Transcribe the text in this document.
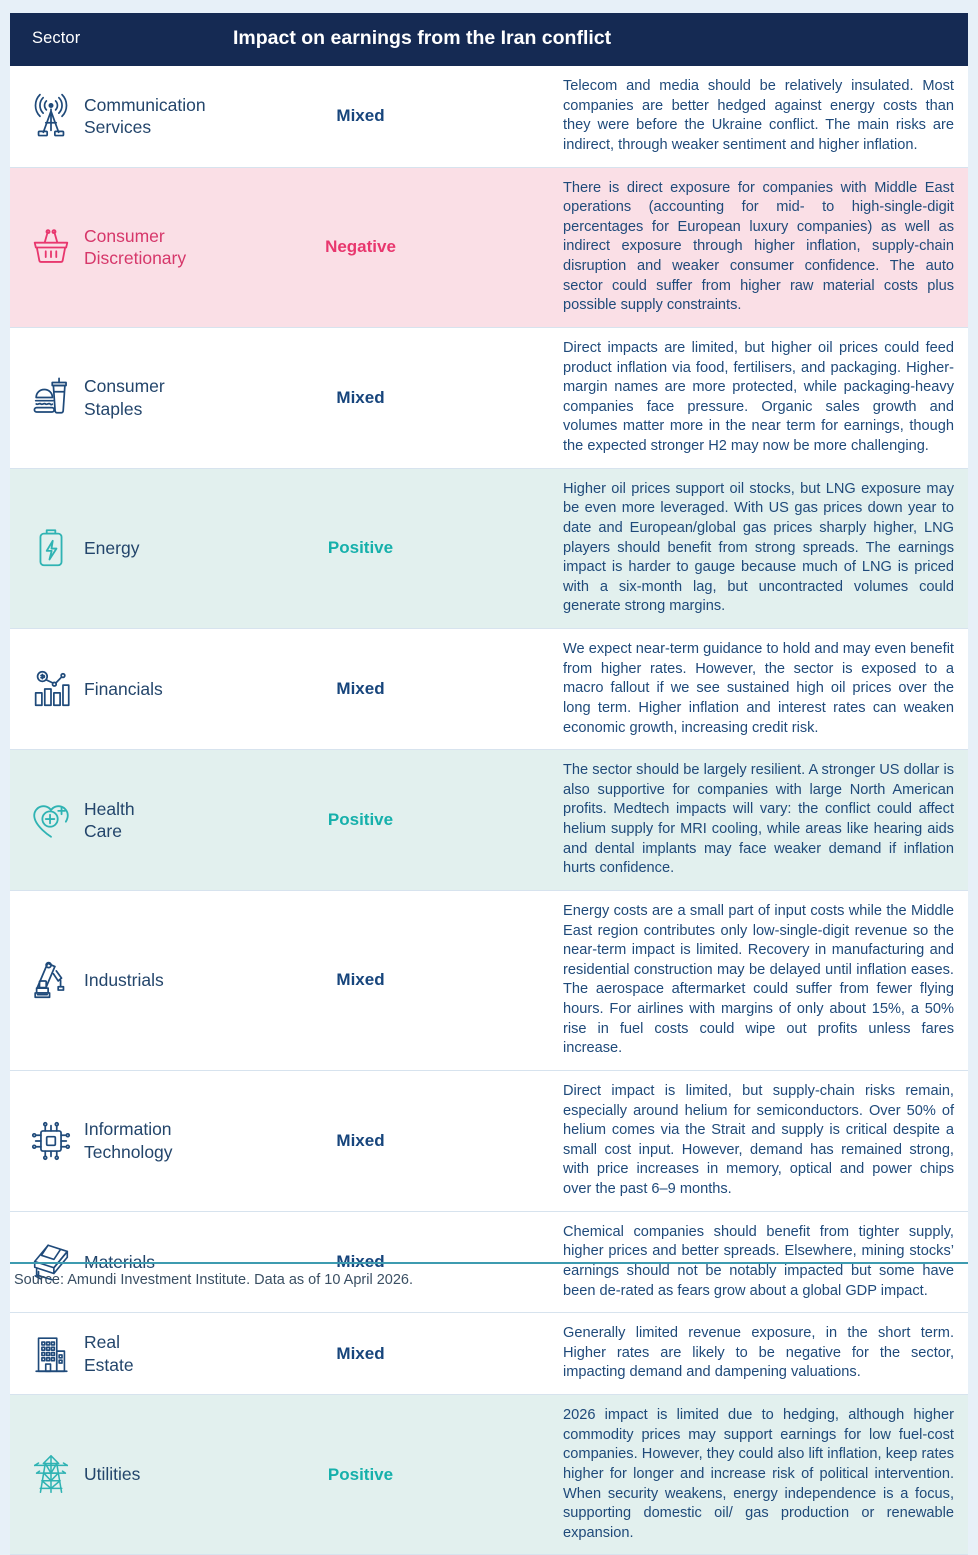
Sector		Impact on earnings from the Iran conflict	

	Communication Services	Mixed	Telecom and media should be relatively insulated. Most companies are better hedged against energy costs than they were before the Ukraine conflict. The main risks are indirect, through weaker sentiment and higher inflation.

	Consumer Discretionary	Negative	There is direct exposure for companies with Middle East operations (accounting for mid- to high-single-digit percentages for European luxury companies) as well as indirect exposure through higher inflation, supply-chain disruption and weaker consumer confidence. The auto sector could suffer from higher raw material costs plus possible supply constraints.

	Consumer Staples	Mixed	Direct impacts are limited, but higher oil prices could feed product inflation via food, fertilisers, and packaging. Higher-margin names are more protected, while packaging-heavy companies face pressure. Organic sales growth and volumes matter more in the near term for earnings, though the expected stronger H2 may now be more challenging.

	Energy	Positive	Higher oil prices support oil stocks, but LNG exposure may be even more leveraged. With US gas prices down year to date and European/global gas prices sharply higher, LNG players should benefit from strong spreads. The earnings impact is harder to gauge because much of LNG is priced with a six-month lag, but uncontracted volumes could generate strong margins.

	Financials	Mixed	We expect near-term guidance to hold and may even benefit from higher rates. However, the sector is exposed to a macro fallout if we see sustained high oil prices over the long term. Higher inflation and interest rates can weaken economic growth, increasing credit risk.

	Health Care	Positive	The sector should be largely resilient. A stronger US dollar is also supportive for companies with large North American profits. Medtech impacts will vary: the conflict could affect helium supply for MRI cooling, while areas like hearing aids and dental implants may face weaker demand if inflation hurts confidence.

	Industrials	Mixed	Energy costs are a small part of input costs while the Middle East region contributes only low-single-digit revenue so the near-term impact is limited. Recovery in manufacturing and residential construction may be delayed until inflation eases. The aerospace aftermarket could suffer from fewer flying hours. For airlines with margins of only about 15%, a 50% rise in fuel costs could wipe out profits unless fares increase.

	Information Technology	Mixed	Direct impact is limited, but supply-chain risks remain, especially around helium for semiconductors. Over 50% of helium comes via the Strait and supply is critical despite a small cost input. However, demand has remained strong, with price increases in memory, optical and power chips over the past 6–9 months.

	Materials	Mixed	Chemical companies should benefit from tighter supply, higher prices and better spreads. Elsewhere, mining stocks’ earnings should not be notably impacted but some have been de-rated as fears grow about a global GDP impact.

	Real Estate	Mixed	Generally limited revenue exposure, in the short term. Higher rates are likely to be negative for the sector, impacting demand and dampening valuations.

	Utilities	Positive	2026 impact is limited due to hedging, although higher commodity prices may support earnings for low fuel-cost companies. However, they could also lift inflation, keep rates higher for longer and increase risk of political intervention. When security weakens, energy independence is a focus, supporting domestic oil/ gas production or renewable expansion.
Source: Amundi Investment Institute. Data as of 10 April 2026.
